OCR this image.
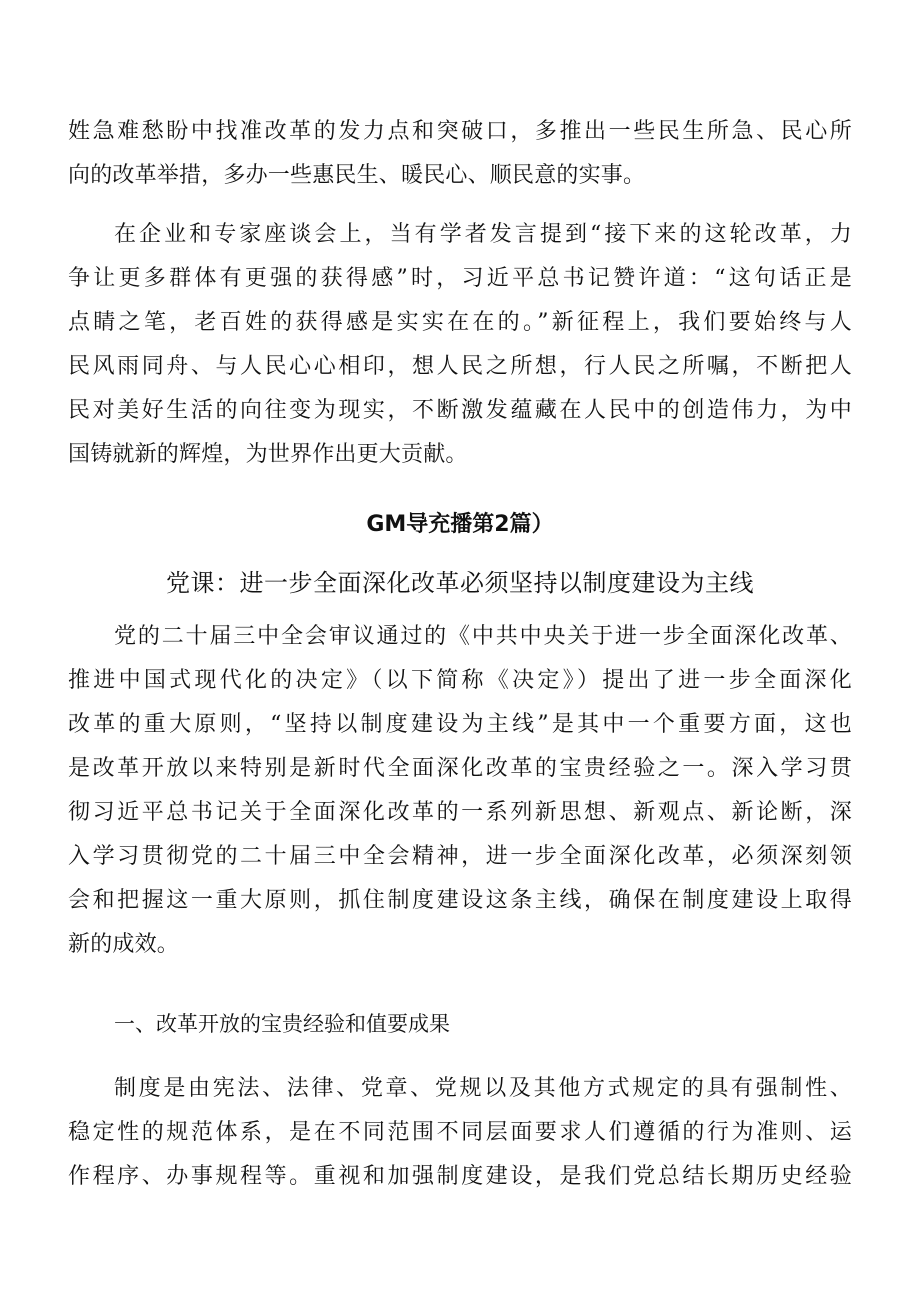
姓急难愁盼中找准改革的发力点和突破口，多推出一些民生所急、民心所
向的改革举措，多办一些惠民生、暖民心、顺民意的实事。
在企业和专家座谈会上，当有学者发言提到“接下来的这轮改革，力
争让更多群体有更强的获得感”时，习近平总书记赞许道：“这句话正是
点睛之笔，老百姓的获得感是实实在在的。”新征程上，我们要始终与人
民风雨同舟、与人民心心相印，想人民之所想，行人民之所嘱，不断把人
民对美好生活的向往变为现实，不断激发蕴藏在人民中的创造伟力，为中
国铸就新的辉煌，为世界作出更大贡献。
GM导充播第2篇）
党课：进一步全面深化改革必须坚持以制度建设为主线
党的二十届三中全会审议通过的《中共中央关于进一步全面深化改革、
推进中国式现代化的决定》（以下简称《决定》）提出了进一步全面深化
改革的重大原则，“坚持以制度建设为主线”是其中一个重要方面，这也
是改革开放以来特别是新时代全面深化改革的宝贵经验之一。深入学习贯
彻习近平总书记关于全面深化改革的一系列新思想、新观点、新论断，深
入学习贯彻党的二十届三中全会精神，进一步全面深化改革，必须深刻领
会和把握这一重大原则，抓住制度建设这条主线，确保在制度建设上取得
新的成效。
一、改革开放的宝贵经验和值要成果
制度是由宪法、法律、党章、党规以及其他方式规定的具有强制性、
稳定性的规范体系，是在不同范围不同层面要求人们遵循的行为准则、运
作程序、办事规程等。重视和加强制度建设，是我们党总结长期历史经验
